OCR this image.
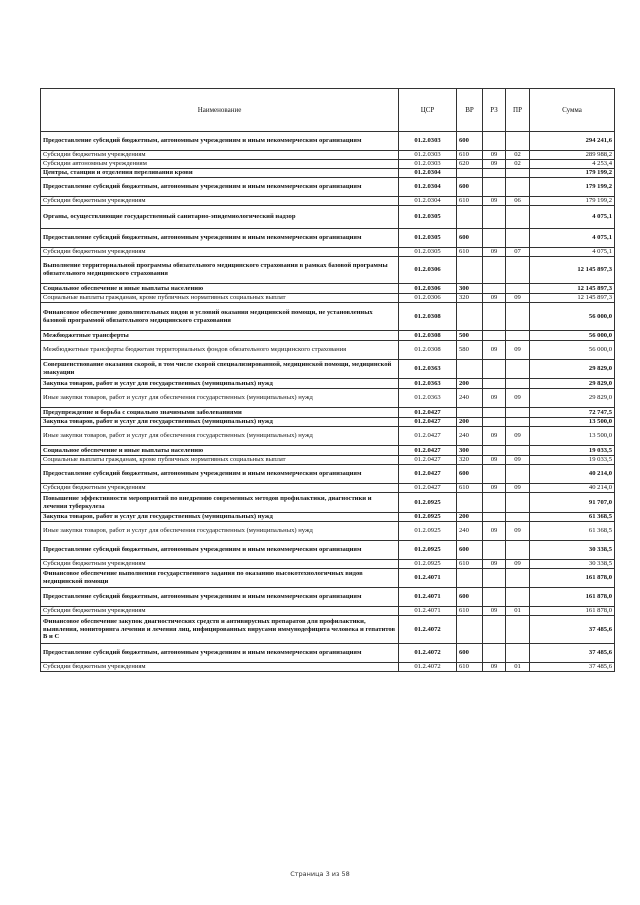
Наименование	ЦСР	ВР	РЗ	ПР	Сумма
Предоставление субсидий бюджетным, автономным учреждениям и иным некоммерческим организациям	01.2.0303	600			294 241,6
Субсидии бюджетным учреждениям	01.2.0303	610	09	02	289 988,2
Субсидии автономным учреждениям	01.2.0303	620	09	02	4 253,4
Центры, станции и отделения переливания крови	01.2.0304				179 199,2
Предоставление субсидий бюджетным, автономным учреждениям и иным некоммерческим организациям	01.2.0304	600			179 199,2
Субсидии бюджетным учреждениям	01.2.0304	610	09	06	179 199,2
Органы, осуществляющие государственный санитарно-эпидемиологический надзор	01.2.0305				4 075,1
Предоставление субсидий бюджетным, автономным учреждениям и иным некоммерческим организациям	01.2.0305	600			4 075,1
Субсидии бюджетным учреждениям	01.2.0305	610	09	07	4 075,1
Выполнение территориальной программы обязательного медицинского страхования в рамках базовой программы обязательного медицинского страхования	01.2.0306				12 145 897,3
Социальное обеспечение и иные выплаты населению	01.2.0306	300			12 145 897,3
Социальные выплаты гражданам, кроме публичных нормативных социальных выплат	01.2.0306	320	09	09	12 145 897,3
Финансовое обеспечение дополнительных видов и условий оказания медицинской помощи, не установленных базовой программой обязательного медицинского страхования	01.2.0308				56 000,0
Межбюджетные трансферты	01.2.0308	500			56 000,0
Межбюджетные трансферты бюджетам территориальных фондов обязательного медицинского страхования	01.2.0308	580	09	09	56 000,0
Совершенствование оказания скорой, в том числе скорой специализированной, медицинской помощи, медицинской эвакуации	01.2.0363				29 829,0
Закупка товаров, работ и услуг для государственных (муниципальных) нужд	01.2.0363	200			29 829,0
Иные закупки товаров, работ и услуг для обеспечения государственных (муниципальных) нужд	01.2.0363	240	09	09	29 829,0
Предупреждение и борьба с социально значимыми заболеваниями	01.2.0427				72 747,5
Закупка товаров, работ и услуг для государственных (муниципальных) нужд	01.2.0427	200			13 500,0
Иные закупки товаров, работ и услуг для обеспечения государственных (муниципальных) нужд	01.2.0427	240	09	09	13 500,0
Социальное обеспечение и иные выплаты населению	01.2.0427	300			19 033,5
Социальные выплаты гражданам, кроме публичных нормативных социальных выплат	01.2.0427	320	09	09	19 033,5
Предоставление субсидий бюджетным, автономным учреждениям и иным некоммерческим организациям	01.2.0427	600			40 214,0
Субсидии бюджетным учреждениям	01.2.0427	610	09	09	40 214,0
Повышение эффективности мероприятий по внедрению современных методов профилактики, диагностики и лечения туберкулеза	01.2.0925				91 707,0
Закупка товаров, работ и услуг для государственных (муниципальных) нужд	01.2.0925	200			61 368,5
Иные закупки товаров, работ и услуг для обеспечения государственных (муниципальных) нужд	01.2.0925	240	09	09	61 368,5
Предоставление субсидий бюджетным, автономным учреждениям и иным некоммерческим организациям	01.2.0925	600			30 338,5
Субсидии бюджетным учреждениям	01.2.0925	610	09	09	30 338,5
Финансовое обеспечение выполнения государственного задания по оказанию высокотехнологичных видов медицинской помощи	01.2.4071				161 878,0
Предоставление субсидий бюджетным, автономным учреждениям и иным некоммерческим организациям	01.2.4071	600			161 878,0
Субсидии бюджетным учреждениям	01.2.4071	610	09	01	161 878,0
Финансовое обеспечение закупок диагностических средств и антивирусных препаратов для профилактики, выявления, мониторинга лечения и лечения лиц, инфицированных вирусами иммунодефицита человека и гепатитов B и C	01.2.4072				37 485,6
Предоставление субсидий бюджетным, автономным учреждениям и иным некоммерческим организациям	01.2.4072	600			37 485,6
Субсидии бюджетным учреждениям	01.2.4072	610	09	01	37 485,6
Страница 3 из 58
